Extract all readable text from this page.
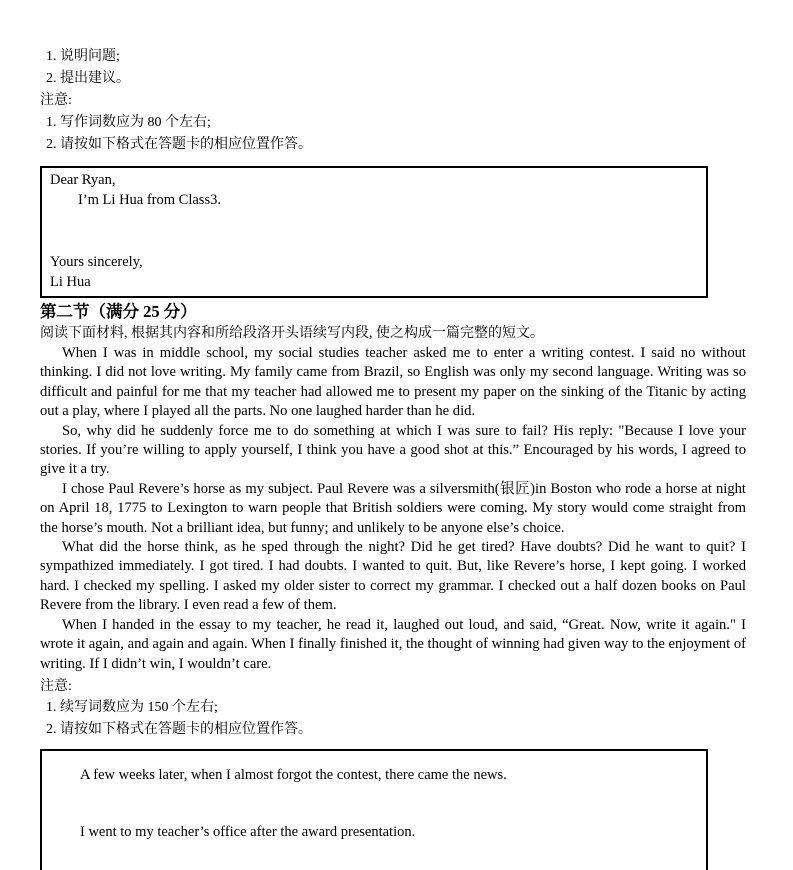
1. 说明问题;
2. 提出建议。
注意:
1. 写作词数应为 80 个左右;
2. 请按如下格式在答题卡的相应位置作答。
Dear Ryan,
I’m Li Hua from Class3.
Yours sincerely,
Li Hua
第二节（满分 25 分）
阅读下面材料, 根据其内容和所给段洛开头语续写内段, 使之构成一篇完整的短文。

When I was in middle school, my social studies teacher asked me to enter a writing contest. I said no without thinking. I did not love writing. My family came from Brazil, so English was only my second language. Writing was so difficult and painful for me that my teacher had allowed me to present my paper on the sinking of the Titanic by acting out a play, where I played all the parts. No one laughed harder than he did.

So, why did he suddenly force me to do something at which I was sure to fail? His reply: "Because I love your stories. If you’re willing to apply yourself, I think you have a good shot at this.” Encouraged by his words, I agreed to give it a try.

I chose Paul Revere’s horse as my subject. Paul Revere was a silversmith(银匠)in Boston who rode a horse at night on April 18, 1775 to Lexington to warn people that British soldiers were coming. My story would come straight from the horse’s mouth. Not a brilliant idea, but funny; and unlikely to be anyone else’s choice.

What did the horse think, as he sped through the night? Did he get tired? Have doubts? Did he want to quit? I sympathized immediately. I got tired. I had doubts. I wanted to quit. But, like Revere’s horse, I kept going. I worked hard. I checked my spelling. I asked my older sister to correct my grammar. I checked out a half dozen books on Paul Revere from the library. I even read a few of them.

When I handed in the essay to my teacher, he read it, laughed out loud, and said, “Great. Now, write it again." I wrote it again, and again and again. When I finally finished it, the thought of winning had given way to the enjoyment of writing. If I didn’t win, I wouldn’t care.

注意:
1. 续写词数应为 150 个左右;
2. 请按如下格式在答题卡的相应位置作答。
A few weeks later, when I almost forgot the contest, there came the news.
I went to my teacher’s office after the award presentation.
